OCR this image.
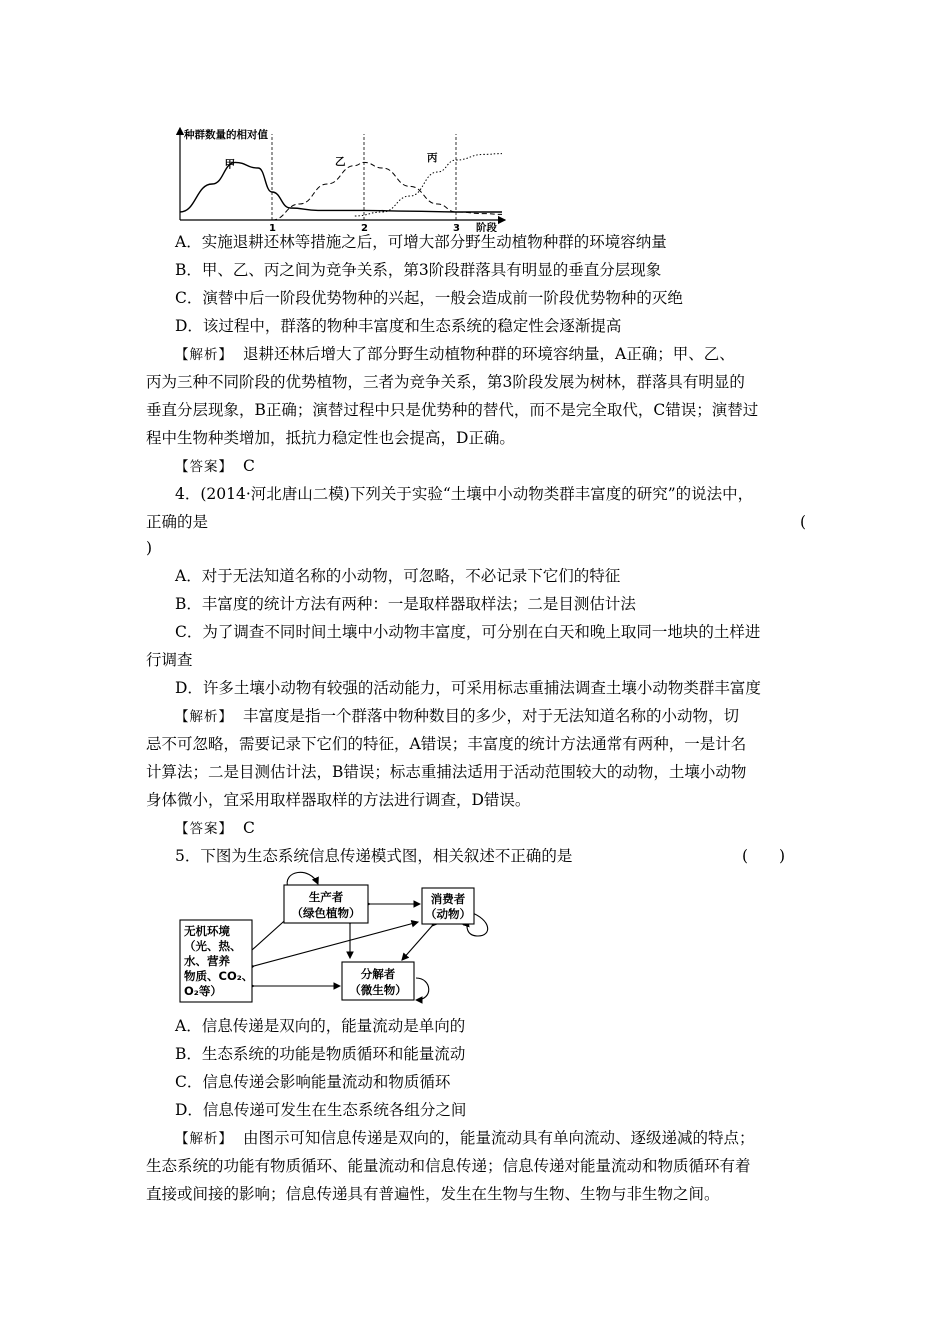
种群数量的相对值
阶段
1	2	3
甲	乙	丙
A．实施退耕还林等措施之后，可增大部分野生动植物种群的环境容纳量
B．甲、乙、丙之间为竞争关系，第3阶段群落具有明显的垂直分层现象
C．演替中后一阶段优势物种的兴起，一般会造成前一阶段优势物种的灭绝
D．该过程中，群落的物种丰富度和生态系统的稳定性会逐渐提高
【 解析 】 退耕还林后增大了部分野生动植物种群的环境容纳量，A正确；甲、乙、
丙为三种不同阶段的优势植物，三者为竞争关系，第3阶段发展为树林，群落具有明显的
垂直分层现象，B正确；演替过程中只是优势种的替代，而不是完全取代，C错误；演替过
程中生物种类增加，抵抗力稳定性也会提高，D正确。
【 答案 】 C
4．(2014·河北唐山二模)下列关于实验“土壤中小动物类群丰富度的研究”的说法中，
正确的是	(
)
A．对于无法知道名称的小动物，可忽略，不必记录下它们的特征
B．丰富度的统计方法有两种：一是取样器取样法；二是目测估计法
C．为了调查不同时间土壤中小动物丰富度，可分别在白天和晚上取同一地块的土样进
行调查
D．许多土壤小动物有较强的活动能力，可采用标志重捕法调查土壤小动物类群丰富度
【 解析 】 丰富度是指一个群落中物种数目的多少，对于无法知道名称的小动物，切
忌不可忽略，需要记录下它们的特征，A错误；丰富度的统计方法通常有两种，一是计名
计算法；二是目测估计法，B错误；标志重捕法适用于活动范围较大的动物，土壤小动物
身体微小，宜采用取样器取样的方法进行调查，D错误。
【 答案 】 C
5．下图为生态系统信息传递模式图，相关叙述不正确的是	(　　)
生产者
（绿色植物）
消费者
（动物）
分解者
（微生物）
无机环境
（光、热、
水、营养
物质、CO₂、
O₂等）
A．信息传递是双向的，能量流动是单向的
B．生态系统的功能是物质循环和能量流动
C．信息传递会影响能量流动和物质循环
D．信息传递可发生在生态系统各组分之间
【 解析 】 由图示可知信息传递是双向的，能量流动具有单向流动、逐级递减的特点；
生态系统的功能有物质循环、能量流动和信息传递；信息传递对能量流动和物质循环有着
直接或间接的影响；信息传递具有普遍性，发生在生物与生物、生物与非生物之间。
